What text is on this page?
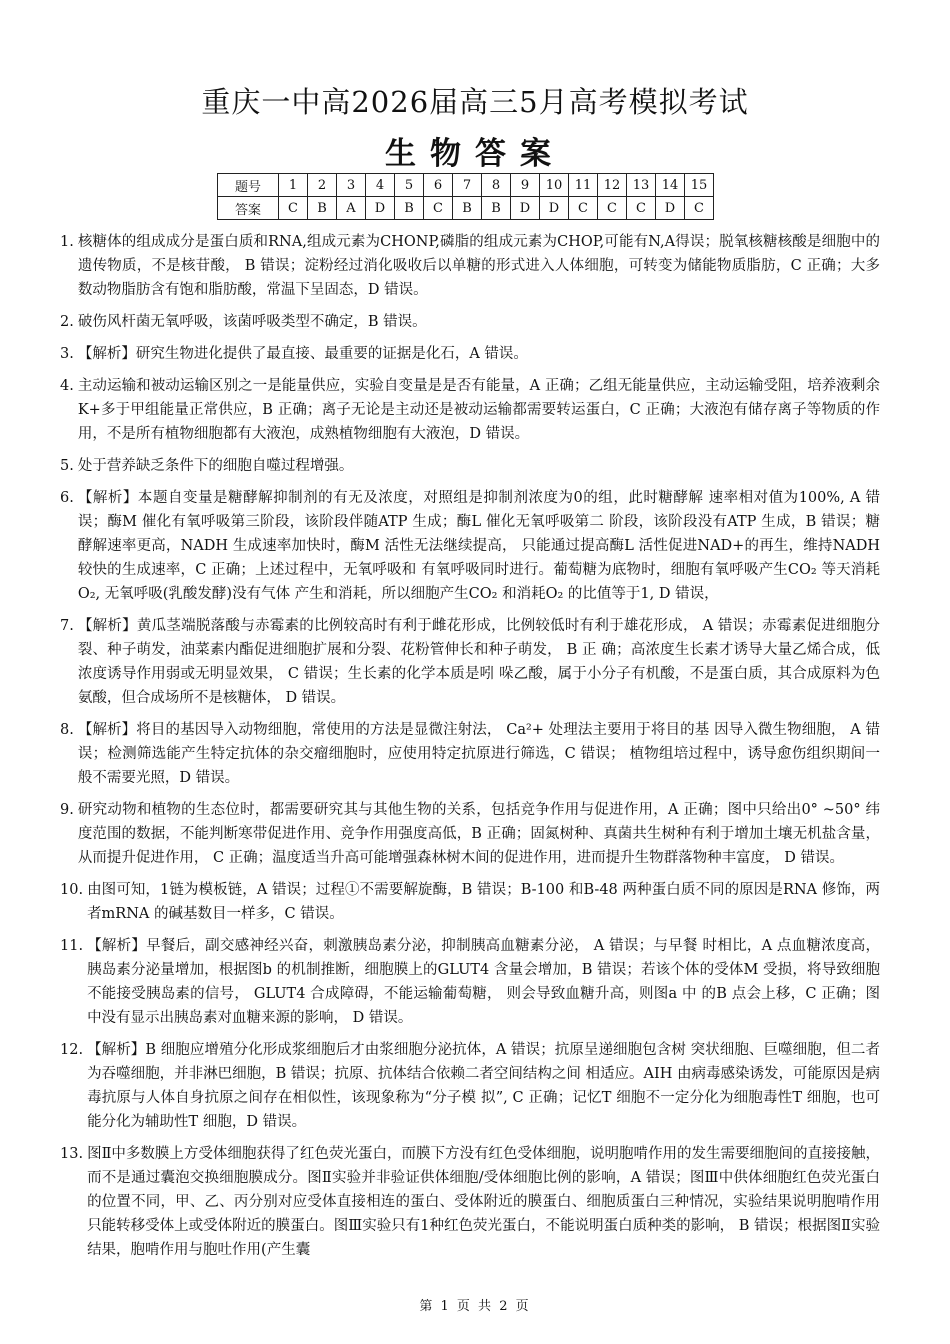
重庆一中高2026届高三5月高考模拟考试
生物答案
题号	1	2	3	4	5	6	7	8	9	10	11	12	13	14	15
答案	C	B	A	D	B	C	B	B	D	D	C	C	C	D	C
1. 核糖体的组成成分是蛋白质和RNA,组成元素为CHONP,磷脂的组成元素为CHOP,可能有N,A得误；脱氧核糖核酸是细胞中的遗传物质，不是核苷酸， B 错误；淀粉经过消化吸收后以单糖的形式进入人体细胞，可转变为储能物质脂肪，C 正确；大多数动物脂肪含有饱和脂肪酸，常温下呈固态，D 错误。
2. 破伤风杆菌无氧呼吸，该菌呼吸类型不确定，B 错误。
3. 【解析】研究生物进化提供了最直接、最重要的证据是化石，A 错误。
4. 主动运输和被动运输区别之一是能量供应，实验自变量是是否有能量，A 正确；乙组无能量供应，主动运输受阻，培养液剩余K+多于甲组能量正常供应，B 正确；离子无论是主动还是被动运输都需要转运蛋白，C 正确；大液泡有储存离子等物质的作用，不是所有植物细胞都有大液泡，成熟植物细胞有大液泡，D 错误。
5. 处于营养缺乏条件下的细胞自噬过程增强。
6. 【解析】本题自变量是糖酵解抑制剂的有无及浓度，对照组是抑制剂浓度为0的组，此时糖酵解 速率相对值为100%, A 错误；酶M 催化有氧呼吸第三阶段，该阶段伴随ATP 生成；酶L 催化无氧呼吸第二 阶段，该阶段没有ATP 生成，B 错误；糖酵解速率更高，NADH 生成速率加快时，酶M 活性无法继续提高， 只能通过提高酶L 活性促进NAD+的再生，维持NADH 较快的生成速率，C 正确；上述过程中，无氧呼吸和 有氧呼吸同时进行。葡萄糖为底物时，细胞有氧呼吸产生CO₂ 等天消耗O₂, 无氧呼吸(乳酸发酵)没有气体 产生和消耗，所以细胞产生CO₂ 和消耗O₂ 的比值等于1, D 错误，
7. 【解析】黄瓜茎端脱落酸与赤霉素的比例较高时有利于雌花形成，比例较低时有利于雄花形成， A 错误；赤霉素促进细胞分裂、种子萌发，油菜素内酯促进细胞扩展和分裂、花粉管伸长和种子萌发， B 正 确；高浓度生长素才诱导大量乙烯合成，低浓度诱导作用弱或无明显效果， C 错误；生长素的化学本质是吲 哚乙酸，属于小分子有机酸，不是蛋白质，其合成原料为色氨酸，但合成场所不是核糖体， D 错误。
8. 【解析】将目的基因导入动物细胞，常使用的方法是显微注射法， Ca²+ 处理法主要用于将目的基 因导入微生物细胞， A 错误；检测筛选能产生特定抗体的杂交瘤细胞时，应使用特定抗原进行筛选，C 错误； 植物组培过程中，诱导愈伤组织期间一般不需要光照，D 错误。
9. 研究动物和植物的生态位时，都需要研究其与其他生物的关系，包括竞争作用与促进作用，A 正确；图中只给出0° ~50° 纬度范围的数据，不能判断寒带促进作用、竞争作用强度高低，B 正确；固氮树种、真菌共生树种有利于增加土壤无机盐含量，从而提升促进作用， C 正确；温度适当升高可能增强森林树木间的促进作用，进而提升生物群落物种丰富度， D 错误。
10. 由图可知，1链为模板链，A 错误；过程①不需要解旋酶，B 错误；B-100 和B-48 两种蛋白质不同的原因是RNA 修饰，两者mRNA 的碱基数目一样多，C 错误。
11. 【解析】早餐后，副交感神经兴奋，刺激胰岛素分泌，抑制胰高血糖素分泌， A 错误；与早餐 时相比，A 点血糖浓度高，胰岛素分泌量增加，根据图b 的机制推断，细胞膜上的GLUT4 含量会增加，B 错误；若该个体的受体M 受损，将导致细胞不能接受胰岛素的信号， GLUT4 合成障碍，不能运输葡萄糖， 则会导致血糖升高，则图a 中 的B 点会上移，C 正确；图中没有显示出胰岛素对血糖来源的影响， D 错误。
12. 【解析】B 细胞应增殖分化形成浆细胞后才由浆细胞分泌抗体，A 错误；抗原呈递细胞包含树 突状细胞、巨噬细胞，但二者为吞噬细胞，并非淋巴细胞，B 错误；抗原、抗体结合依赖二者空间结构之间 相适应。AIH 由病毒感染诱发，可能原因是病毒抗原与人体自身抗原之间存在相似性，该现象称为“分子模 拟”, C 正确；记忆T 细胞不一定分化为细胞毒性T 细胞，也可能分化为辅助性T 细胞，D 错误。
13. 图Ⅱ中多数膜上方受体细胞获得了红色荧光蛋白，而膜下方没有红色受体细胞，说明胞啃作用的发生需要细胞间的直接接触，而不是通过囊泡交换细胞膜成分。图Ⅱ实验并非验证供体细胞/受体细胞比例的影响，A 错误；图Ⅲ中供体细胞红色荧光蛋白的位置不同，甲、乙、丙分别对应受体直接相连的蛋白、受体附近的膜蛋白、细胞质蛋白三种情况，实验结果说明胞啃作用只能转移受体上或受体附近的膜蛋白。图Ⅲ实验只有1种红色荧光蛋白，不能说明蛋白质种类的影响， B 错误；根据图Ⅱ实验结果，胞啃作用与胞吐作用(产生囊
第 1 页 共 2 页
